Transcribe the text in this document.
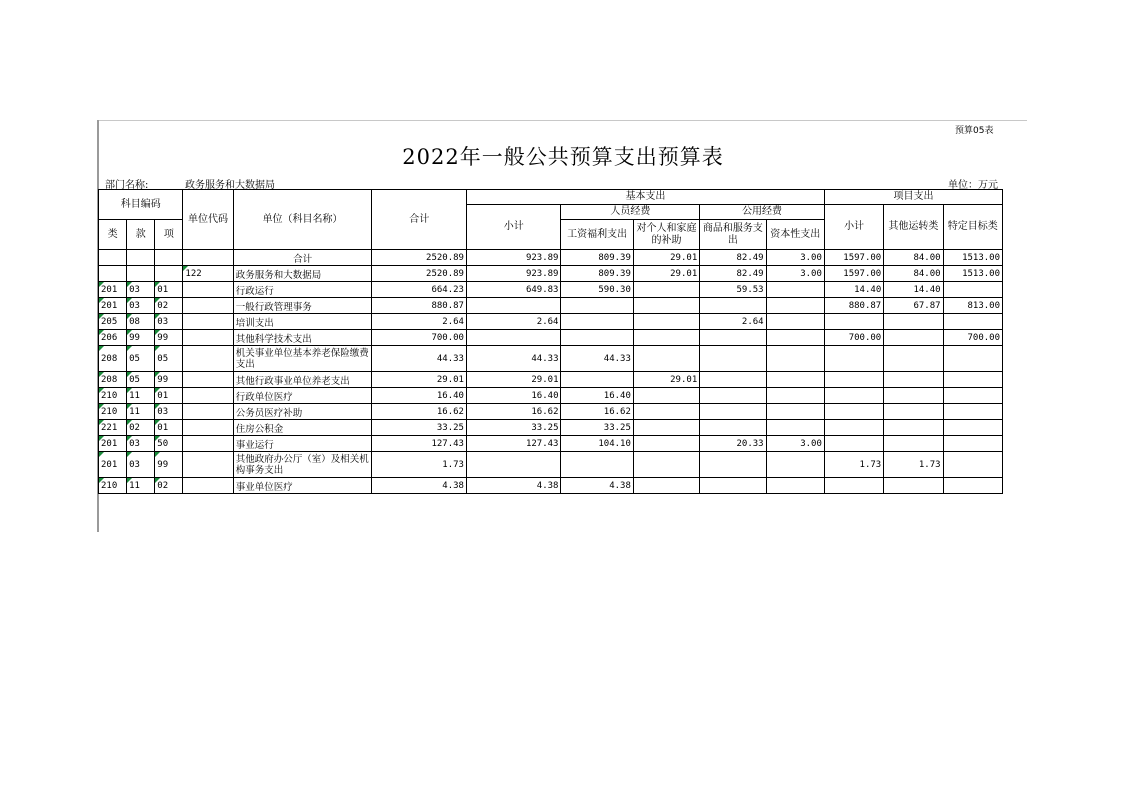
预算05表
2022年一般公共预算支出预算表
部门名称:	政务服务和大数据局	单位：万元
科目编码			单位代码	单位（科目名称）	合计	基本支出					项目支出		
						小计	人员经费		公用经费		小计	其他运转类	特定目标类
类	款	项					工资福利支出	对个人和家庭的补助	商品和服务支出	资本性支出			

				合计	2520.89	923.89	809.39	29.01	82.49	3.00	1597.00	84.00	1513.00
			122	政务服务和大数据局	2520.89	923.89	809.39	29.01	82.49	3.00	1597.00	84.00	1513.00
201	03	01		行政运行	664.23	649.83	590.30		59.53		14.40	14.40	
201	03	02		一般行政管理事务	880.87						880.87	67.87	813.00
205	08	03		培训支出	2.64	2.64			2.64				
206	99	99		其他科学技术支出	700.00						700.00		700.00
208	05	05		机关事业单位基本养老保险缴费支出	44.33	44.33	44.33						
208	05	99		其他行政事业单位养老支出	29.01	29.01		29.01					
210	11	01		行政单位医疗	16.40	16.40	16.40						
210	11	03		公务员医疗补助	16.62	16.62	16.62						
221	02	01		住房公积金	33.25	33.25	33.25						
201	03	50		事业运行	127.43	127.43	104.10		20.33	3.00			
201	03	99		其他政府办公厅（室）及相关机构事务支出	1.73						1.73	1.73	
210	11	02		事业单位医疗	4.38	4.38	4.38						
